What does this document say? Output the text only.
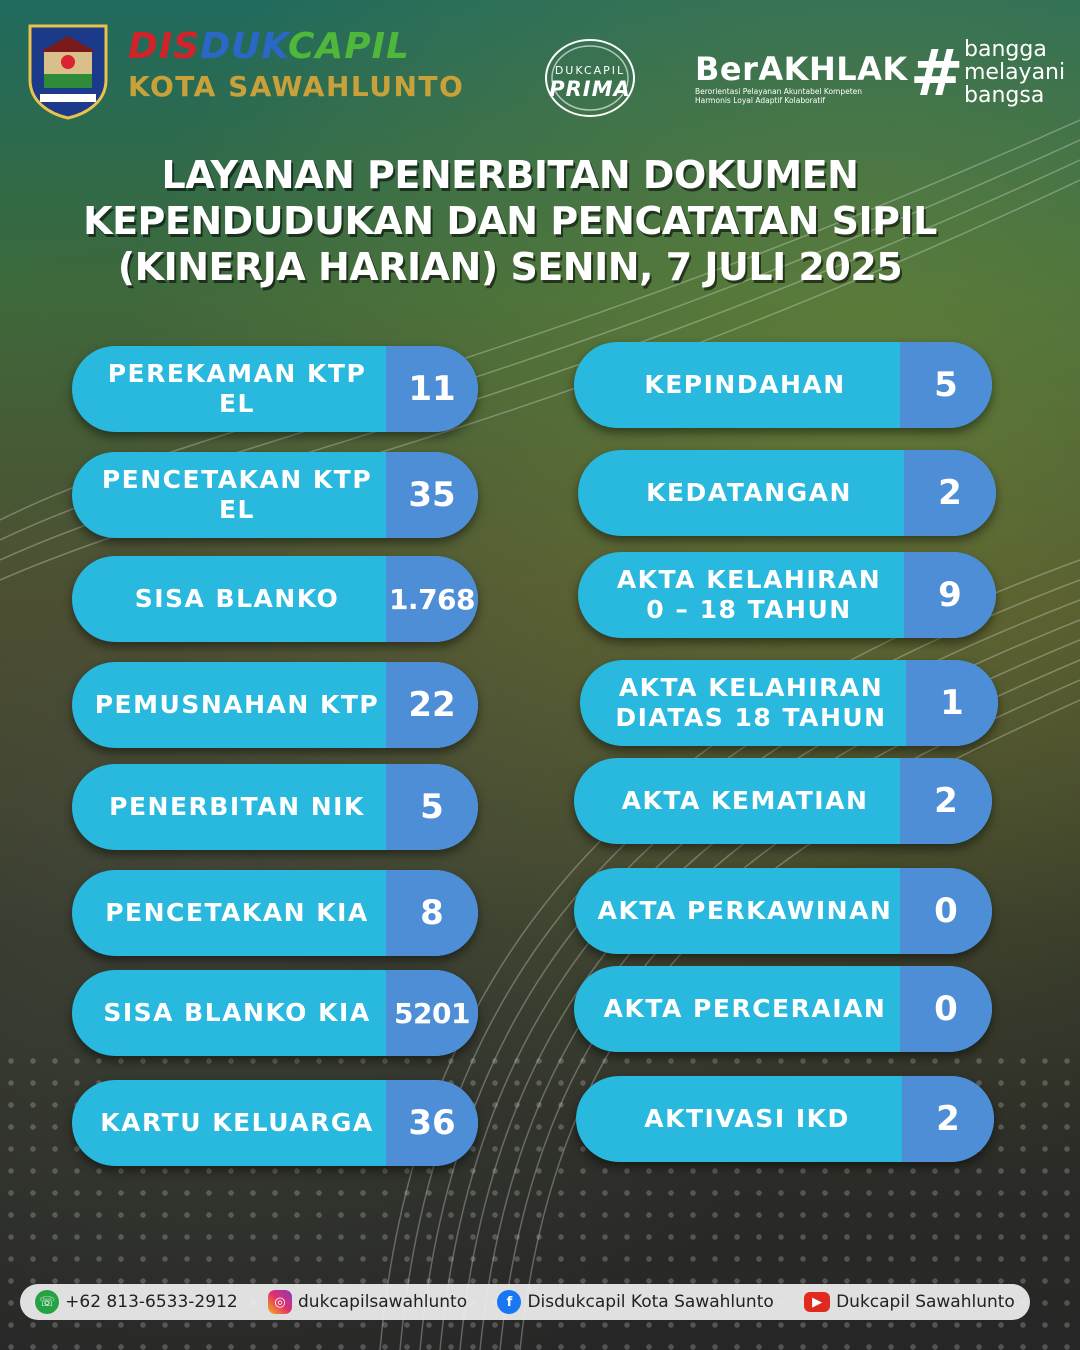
DISDUKCAPIL
KOTA SAWAHLUNTO	DUKCAPIL
PRIMA
BerAKHLAK
Berorientasi Pelayanan Akuntabel Kompeten
Harmonis Loyal Adaptif Kolaboratif	# bangga
melayani
bangsa
LAYANAN PENERBITAN DOKUMEN
KEPENDUDUKAN DAN PENCATATAN SIPIL
(KINERJA HARIAN) SENIN, 7 JULI 2025
PEREKAMAN KTP EL	11
PENCETAKAN KTP EL	35
SISA BLANKO	1.768
PEMUSNAHAN KTP 22
PENERBITAN NIK	5
PENCETAKAN KIA	8
SISA BLANKO KIA 5201
KARTU KELUARGA	36
KEPINDAHAN	5
KEDATANGAN	2
AKTA KELAHIRAN
0 – 18 TAHUN	9
AKTA KELAHIRAN
DIATAS 18 TAHUN	1
AKTA KEMATIAN	2
AKTA PERKAWINAN	0
AKTA PERCERAIAN	0
AKTIVASI IKD	2
☏ +62 813-6533-2912	◎ dukcapilsawahlunto	f Disdukcapil Kota Sawahlunto	▶ Dukcapil Sawahlunto
